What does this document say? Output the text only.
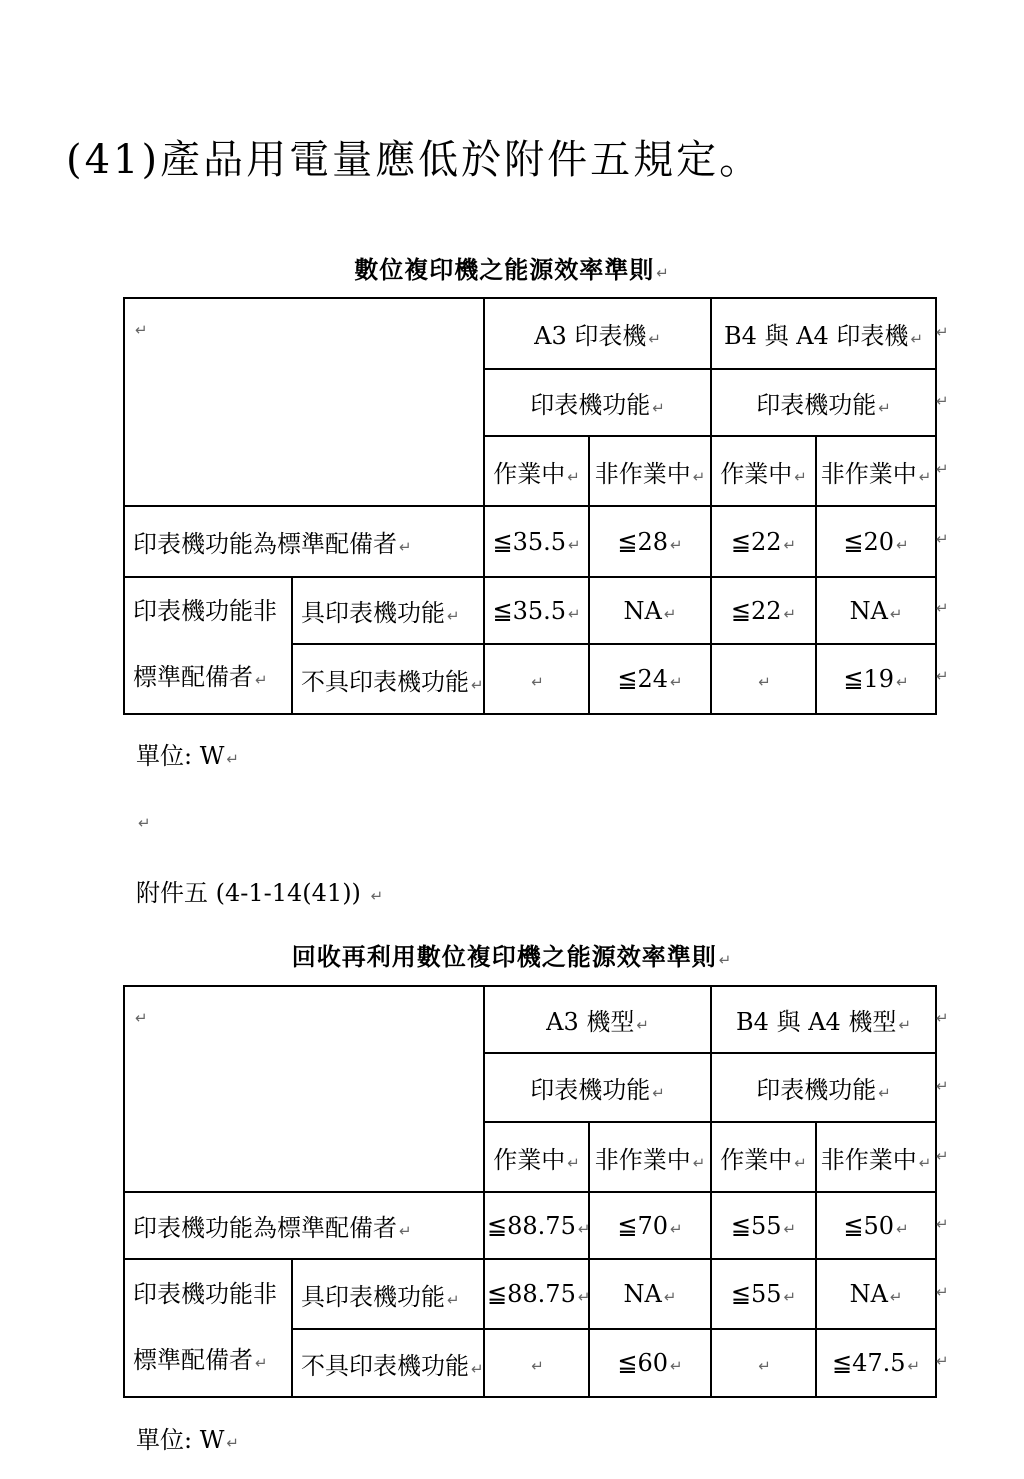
(41)產品用電量應低於附件五規定。
數位複印機之能源效率準則 ↵
↵		A3 印表機 ↵		B4 與 A4 印表機 ↵	
		印表機功能 ↵		印表機功能 ↵	
		作業中 ↵	非作業中 ↵	作業中 ↵	非作業中 ↵
印表機功能為標準配備者 ↵		≦35.5 ↵	≦28 ↵	≦22 ↵	≦20 ↵
印表機功能非
標準配備者 ↵	具印表機功能 ↵	≦35.5 ↵	NA ↵	≦22 ↵	NA ↵
	不具印表機功能 ↵	↵	≦24 ↵	↵	≦19 ↵
↵
↵
↵
↵
↵
↵
單位: W ↵
↵
附件五 (4-1-14(41)) ↵
回收再利用數位複印機之能源效率準則 ↵
↵		A3 機型 ↵		B4 與 A4 機型 ↵	
		印表機功能 ↵		印表機功能 ↵	
		作業中 ↵	非作業中 ↵	作業中 ↵	非作業中 ↵
印表機功能為標準配備者 ↵		≦88.75 ↵	≦70 ↵	≦55 ↵	≦50 ↵
印表機功能非
標準配備者 ↵	具印表機功能 ↵	≦88.75 ↵	NA ↵	≦55 ↵	NA ↵
	不具印表機功能 ↵	↵	≦60 ↵	↵	≦47.5 ↵
↵
↵
↵
↵
↵
↵
單位: W ↵
